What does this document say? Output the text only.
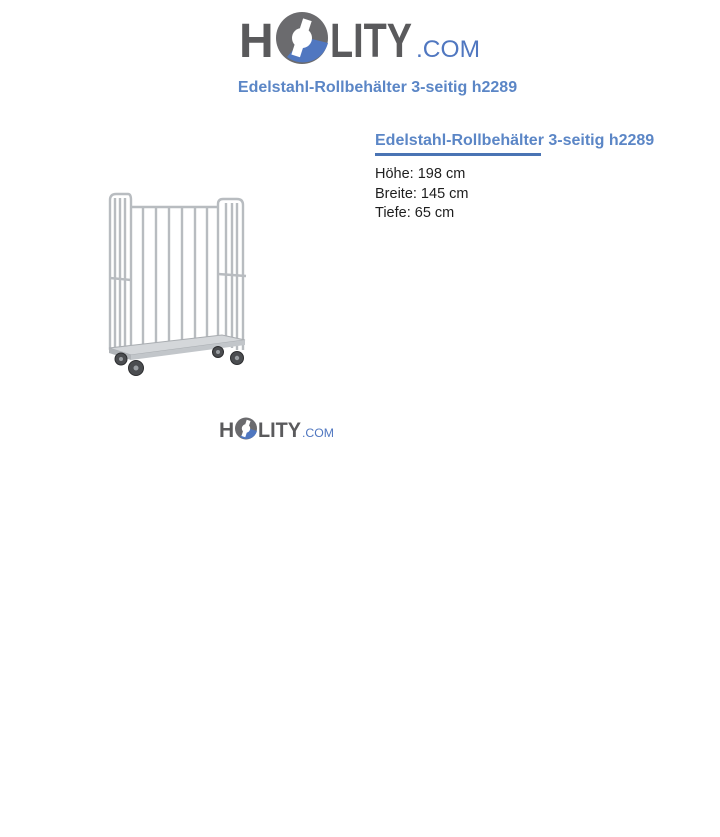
H LITY .COM
Edelstahl-Rollbehälter 3-seitig h2289
H LITY .COM
Edelstahl-Rollbehälter 3-seitig h2289
Höhe: 198 cm
Breite: 145 cm
Tiefe: 65 cm
